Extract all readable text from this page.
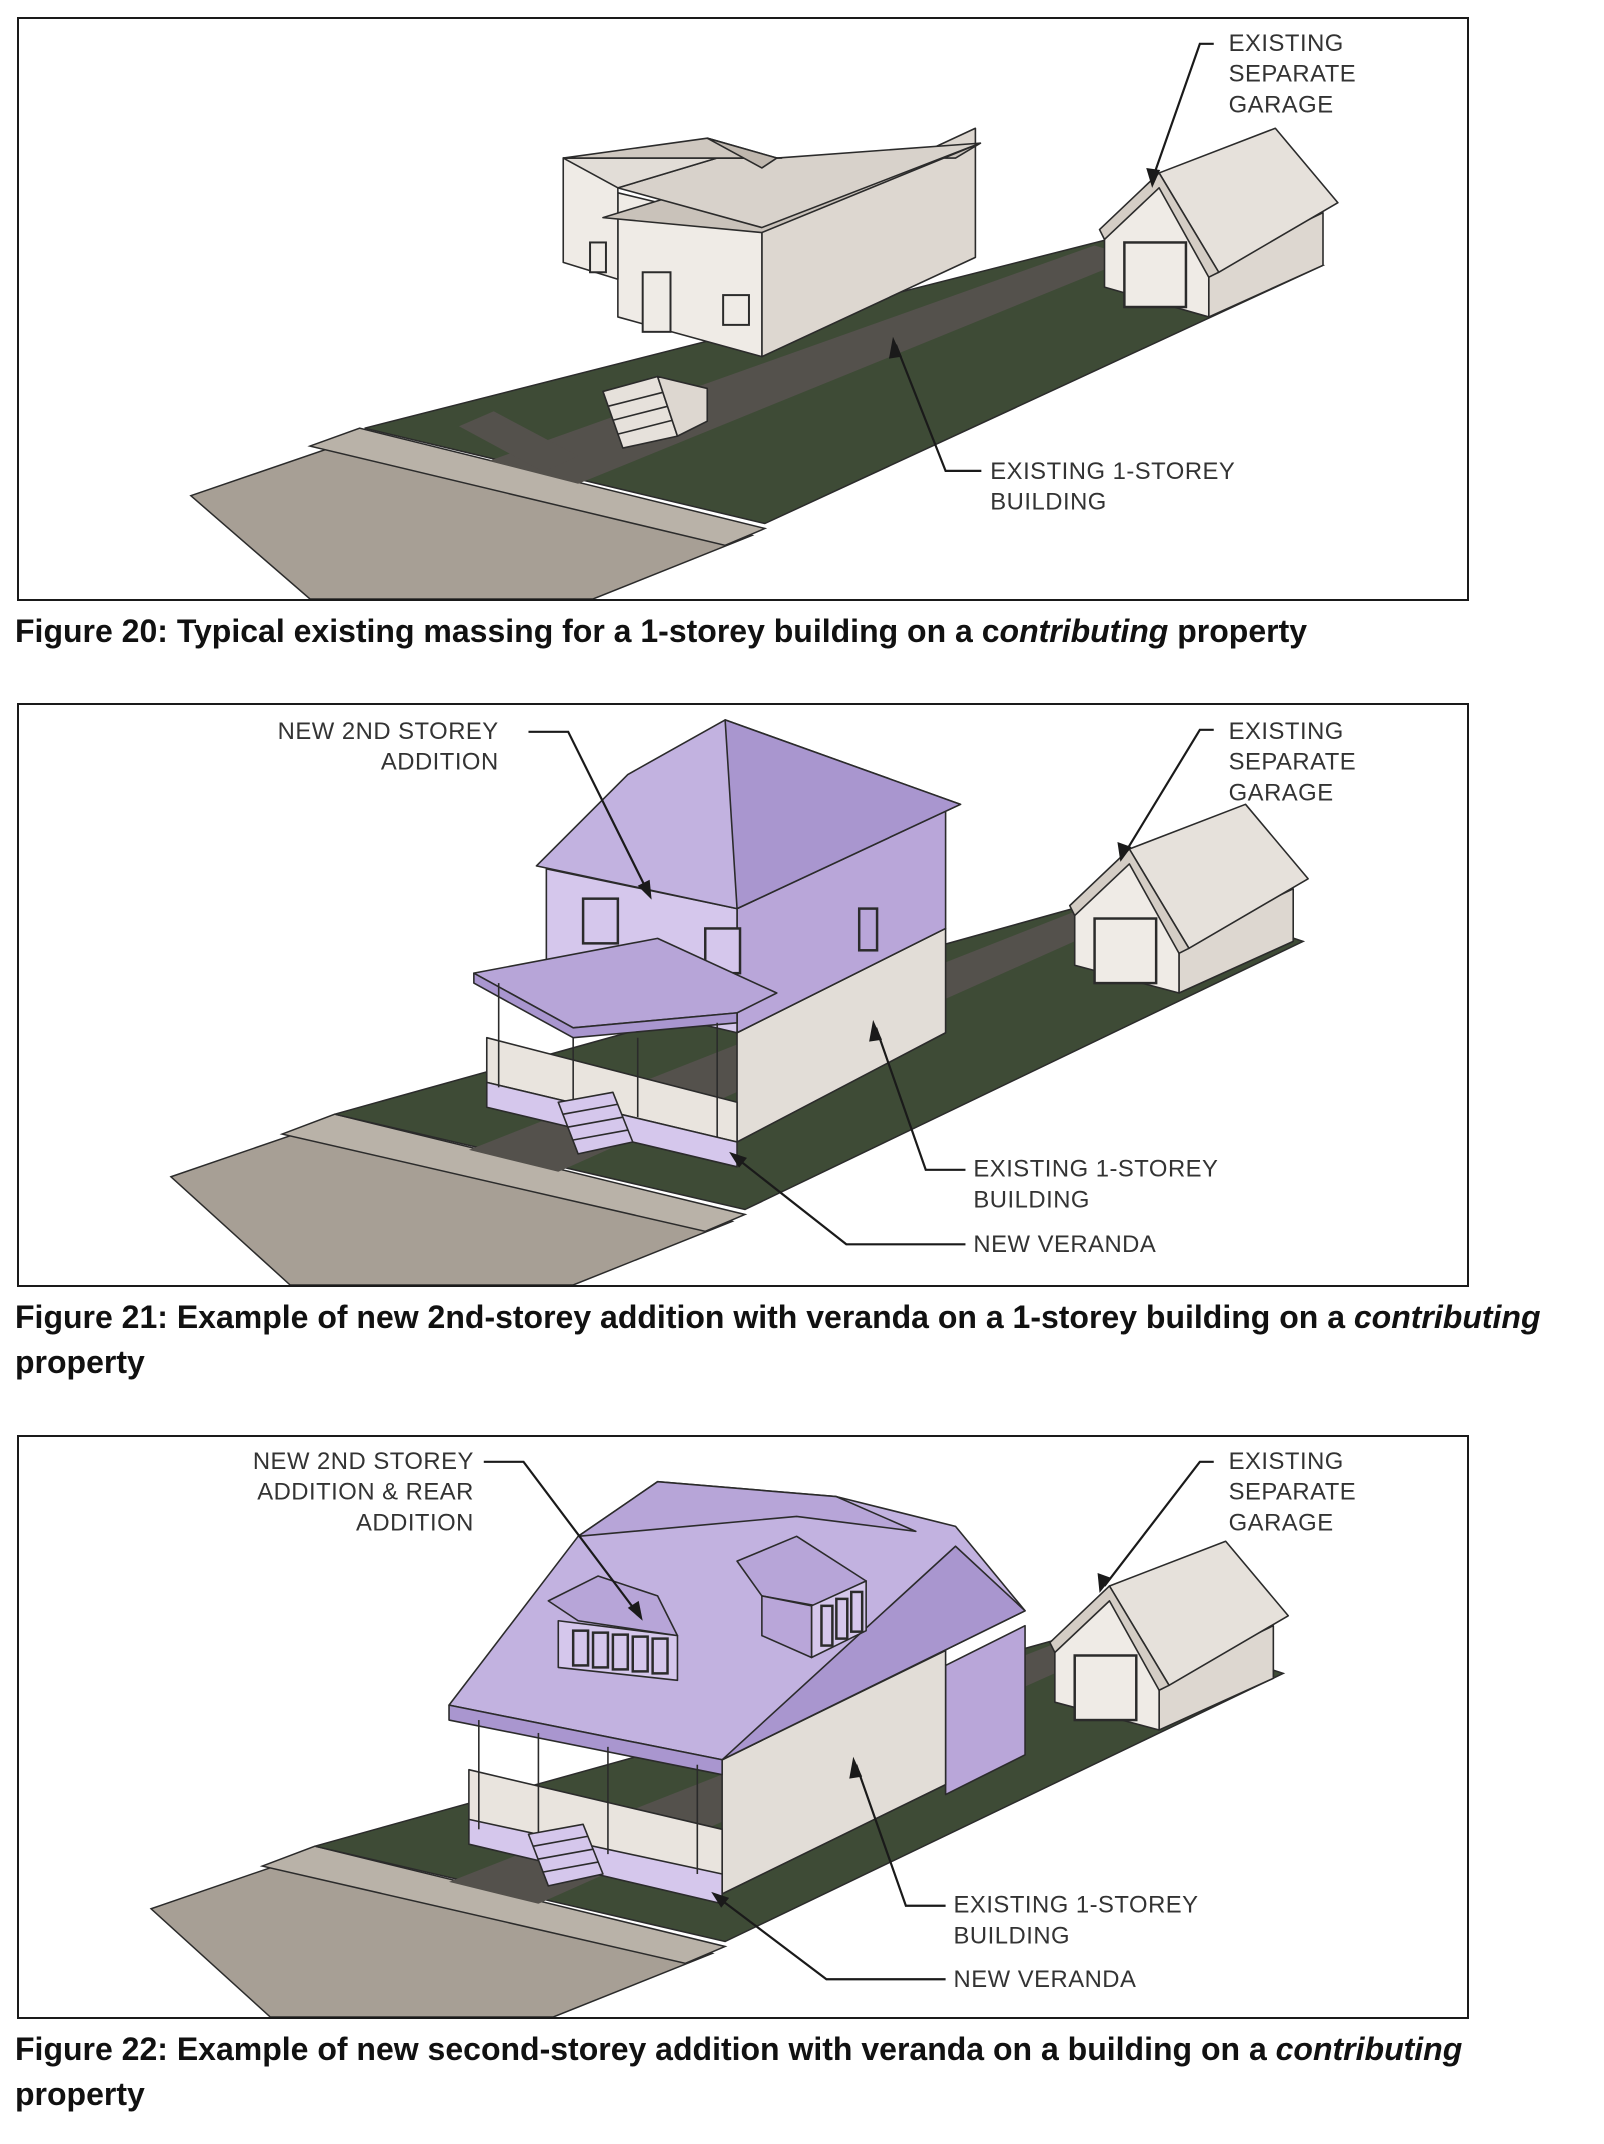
EXISTING SEPARATE GARAGE
EXISTING 1-STOREY BUILDING

Figure 20: Typical existing massing for a 1-storey building on a contributing property

NEW 2ND STOREY ADDITION
EXISTING SEPARATE GARAGE
EXISTING 1-STOREY BUILDING
NEW VERANDA

Figure 21: Example of new 2nd-storey addition with veranda on a 1-storey building on a contributing property

NEW 2ND STOREY ADDITION & REAR ADDITION
EXISTING SEPARATE GARAGE
EXISTING 1-STOREY BUILDING
NEW VERANDA

Figure 22: Example of new second-storey addition with veranda on a building on a contributing property
